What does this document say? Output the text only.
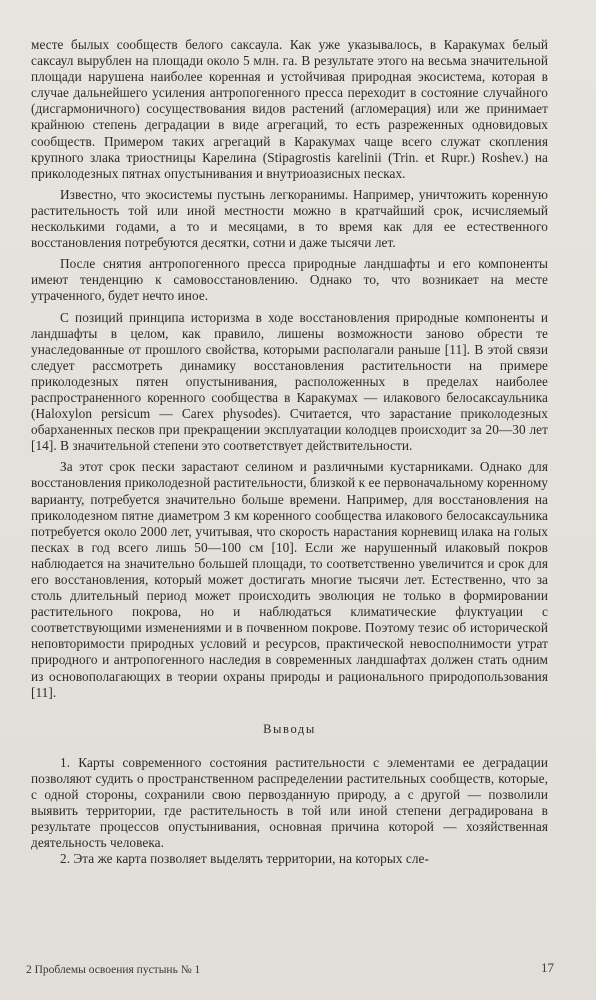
месте былых сообществ белого саксаула. Как уже указывалось, в Каракумах белый саксаул вырублен на площади около 5 млн. га. В результате этого на весьма значительной площади нарушена наиболее коренная и устойчивая природная экосистема, которая в случае дальнейшего усиления антропогенного пресса переходит в состояние случайного (дисгармоничного) сосуществования видов растений (агломерация) или же принимает крайнюю степень деградации в виде агрегаций, то есть разреженных одновидовых сообществ. Примером таких агрегаций в Каракумах чаще всего служат скопления крупного злака триостницы Карелина (Stipagrostis karelinii (Trin. et Rupr.) Roshev.) на приколодезных пятнах опустынивания и внутриоазисных песках.

Известно, что экосистемы пустынь легкоранимы. Например, уничтожить коренную растительность той или иной местности можно в кратчайший срок, исчисляемый несколькими годами, а то и месяцами, в то время как для ее естественного восстановления потребуются десятки, сотни и даже тысячи лет.

После снятия антропогенного пресса природные ландшафты и его компоненты имеют тенденцию к самовосстановлению. Однако то, что возникает на месте утраченного, будет нечто иное.

С позиций принципа историзма в ходе восстановления природные компоненты и ландшафты в целом, как правило, лишены возможности заново обрести те унаследованные от прошлого свойства, которыми располагали раньше [11]. В этой связи следует рассмотреть динамику восстановления растительности на примере приколодезных пятен опустынивания, расположенных в пределах наиболее распространенного коренного сообщества в Каракумах — илакового белосаксаульника (Haloxylon persicum — Carex physodes). Считается, что зарастание приколодезных обарханенных песков при прекращении эксплуатации колодцев происходит за 20—30 лет [14]. В значительной степени это соответствует действительности.

За этот срок пески зарастают селином и различными кустарниками. Однако для восстановления приколодезной растительности, близкой к ее первоначальному коренному варианту, потребуется значительно больше времени. Например, для восстановления на приколодезном пятне диаметром 3 км коренного сообщества илакового белосаксаульника потребуется около 2000 лет, учитывая, что скорость нарастания корневищ илака на голых песках в год всего лишь 50—100 см [10]. Если же нарушенный илаковый покров наблюдается на значительно большей площади, то соответственно увеличится и срок для его восстановления, который может достигать многие тысячи лет. Естественно, что за столь длительный период может происходить эволюция не только в формировании растительного покрова, но и наблюдаться климатические флуктуации с соответствующими изменениями и в почвенном покрове. Поэтому тезис об исторической неповторимости природных условий и ресурсов, практической невосполнимости утрат природного и антропогенного наследия в современных ландшафтах должен стать одним из основополагающих в теории охраны природы и рационального природопользования [11].

Выводы

1. Карты современного состояния растительности с элементами ее деградации позволяют судить о пространственном распределении растительных сообществ, которые, с одной стороны, сохранили свою первозданную природу, а с другой — позволили выявить территории, где растительность в той или иной степени деградирована в результате процессов опустынивания, основная причина которой — хозяйственная деятельность человека.

2. Эта же карта позволяет выделять территории, на которых сле-

2 Проблемы освоения пустынь № 1	17
